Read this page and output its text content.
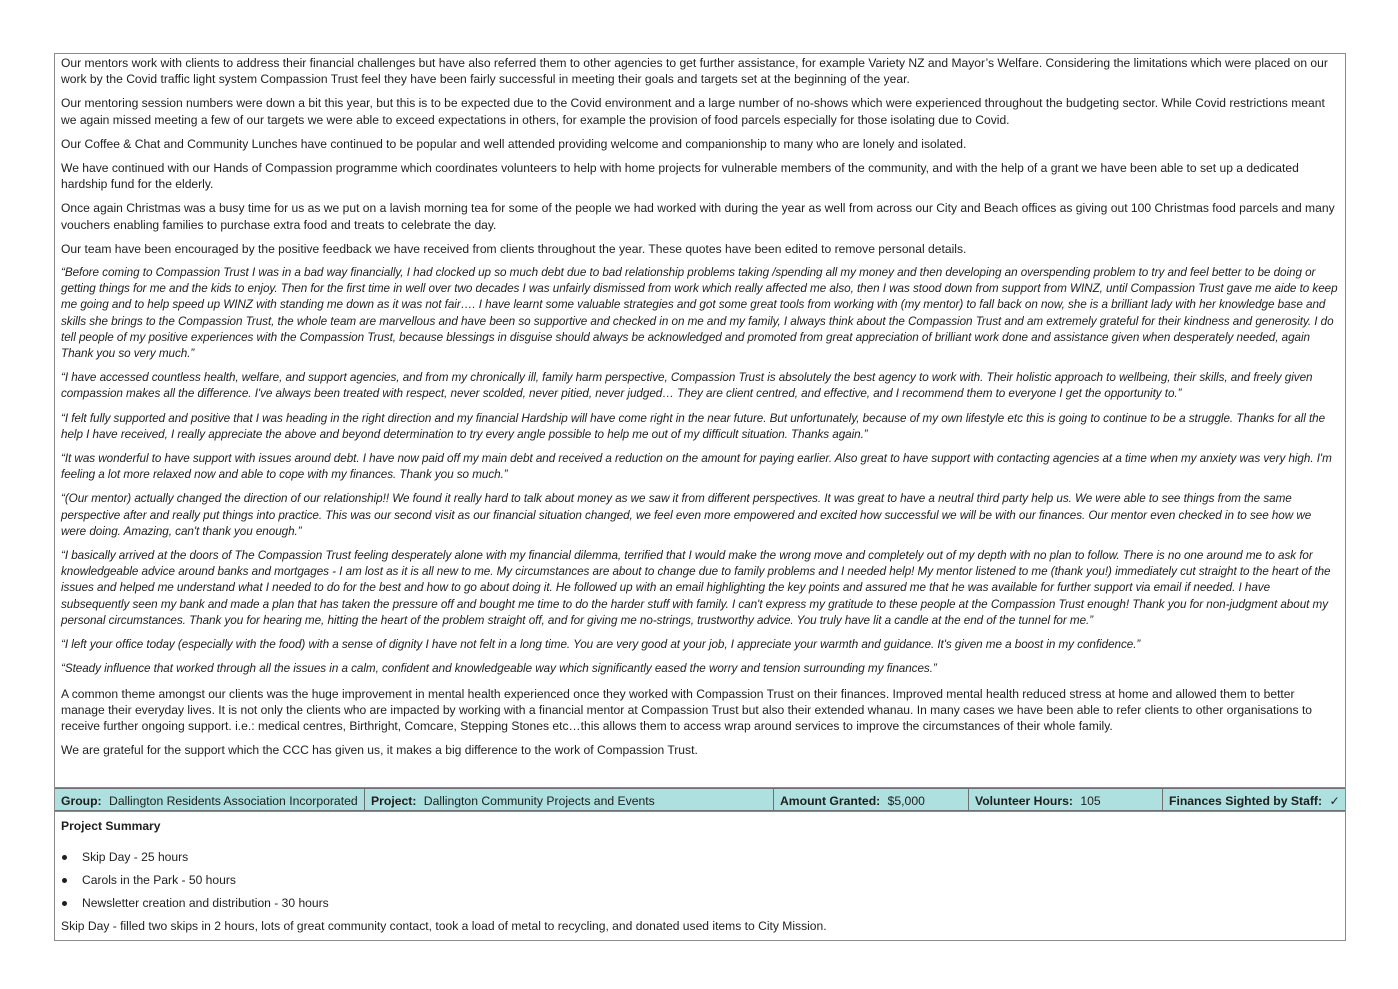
Our mentors work with clients to address their financial challenges but have also referred them to other agencies to get further assistance, for example Variety NZ and Mayor’s Welfare. Considering the limitations which were placed on our work by the Covid traffic light system Compassion Trust feel they have been fairly successful in meeting their goals and targets set at the beginning of the year.

Our mentoring session numbers were down a bit this year, but this is to be expected due to the Covid environment and a large number of no-shows which were experienced throughout the budgeting sector. While Covid restrictions meant we again missed meeting a few of our targets we were able to exceed expectations in others, for example the provision of food parcels especially for those isolating due to Covid.

Our Coffee & Chat and Community Lunches have continued to be popular and well attended providing welcome and companionship to many who are lonely and isolated.

We have continued with our Hands of Compassion programme which coordinates volunteers to help with home projects for vulnerable members of the community, and with the help of a grant we have been able to set up a dedicated hardship fund for the elderly.

Once again Christmas was a busy time for us as we put on a lavish morning tea for some of the people we had worked with during the year as well from across our City and Beach offices as giving out 100 Christmas food parcels and many vouchers enabling families to purchase extra food and treats to celebrate the day.

Our team have been encouraged by the positive feedback we have received from clients throughout the year. These quotes have been edited to remove personal details.

“Before coming to Compassion Trust I was in a bad way financially, I had clocked up so much debt due to bad relationship problems taking /spending all my money and then developing an overspending problem to try and feel better to be doing or getting things for me and the kids to enjoy. Then for the first time in well over two decades I was unfairly dismissed from work which really affected me also, then I was stood down from support from WINZ, until Compassion Trust gave me aide to keep me going and to help speed up WINZ with standing me down as it was not fair…. I have learnt some valuable strategies and got some great tools from working with (my mentor) to fall back on now, she is a brilliant lady with her knowledge base and skills she brings to the Compassion Trust, the whole team are marvellous and have been so supportive and checked in on me and my family, I always think about the Compassion Trust and am extremely grateful for their kindness and generosity. I do tell people of my positive experiences with the Compassion Trust, because blessings in disguise should always be acknowledged and promoted from great appreciation of brilliant work done and assistance given when desperately needed, again Thank you so very much.”

“I have accessed countless health, welfare, and support agencies, and from my chronically ill, family harm perspective, Compassion Trust is absolutely the best agency to work with. Their holistic approach to wellbeing, their skills, and freely given compassion makes all the difference. I've always been treated with respect, never scolded, never pitied, never judged… They are client centred, and effective, and I recommend them to everyone I get the opportunity to.”

“I felt fully supported and positive that I was heading in the right direction and my financial Hardship will have come right in the near future. But unfortunately, because of my own lifestyle etc this is going to continue to be a struggle. Thanks for all the help I have received, I really appreciate the above and beyond determination to try every angle possible to help me out of my difficult situation. Thanks again.”

“It was wonderful to have support with issues around debt. I have now paid off my main debt and received a reduction on the amount for paying earlier. Also great to have support with contacting agencies at a time when my anxiety was very high. I'm feeling a lot more relaxed now and able to cope with my finances. Thank you so much.”

“(Our mentor) actually changed the direction of our relationship!! We found it really hard to talk about money as we saw it from different perspectives. It was great to have a neutral third party help us. We were able to see things from the same perspective after and really put things into practice. This was our second visit as our financial situation changed, we feel even more empowered and excited how successful we will be with our finances. Our mentor even checked in to see how we were doing. Amazing, can't thank you enough.”

“I basically arrived at the doors of The Compassion Trust feeling desperately alone with my financial dilemma, terrified that I would make the wrong move and completely out of my depth with no plan to follow. There is no one around me to ask for knowledgeable advice around banks and mortgages - I am lost as it is all new to me. My circumstances are about to change due to family problems and I needed help! My mentor listened to me (thank you!) immediately cut straight to the heart of the issues and helped me understand what I needed to do for the best and how to go about doing it. He followed up with an email highlighting the key points and assured me that he was available for further support via email if needed. I have subsequently seen my bank and made a plan that has taken the pressure off and bought me time to do the harder stuff with family. I can't express my gratitude to these people at the Compassion Trust enough! Thank you for non-judgment about my personal circumstances. Thank you for hearing me, hitting the heart of the problem straight off, and for giving me no-strings, trustworthy advice. You truly have lit a candle at the end of the tunnel for me.”

“I left your office today (especially with the food) with a sense of dignity I have not felt in a long time. You are very good at your job, I appreciate your warmth and guidance. It's given me a boost in my confidence.”

“Steady influence that worked through all the issues in a calm, confident and knowledgeable way which significantly eased the worry and tension surrounding my finances.”

A common theme amongst our clients was the huge improvement in mental health experienced once they worked with Compassion Trust on their finances. Improved mental health reduced stress at home and allowed them to better manage their everyday lives. It is not only the clients who are impacted by working with a financial mentor at Compassion Trust but also their extended whanau. In many cases we have been able to refer clients to other organisations to receive further ongoing support. i.e.: medical centres, Birthright, Comcare, Stepping Stones etc…this allows them to access wrap around services to improve the circumstances of their whole family.

We are grateful for the support which the CCC has given us, it makes a big difference to the work of Compassion Trust.

Group: Dallington Residents Association Incorporated	Project: Dallington Community Projects and Events	Amount Granted: $5,000	Volunteer Hours: 105	Finances Sighted by Staff: ✓

Project Summary

Skip Day - 25 hours
Carols in the Park - 50 hours
Newsletter creation and distribution - 30 hours

Skip Day - filled two skips in 2 hours, lots of great community contact, took a load of metal to recycling, and donated used items to City Mission.
